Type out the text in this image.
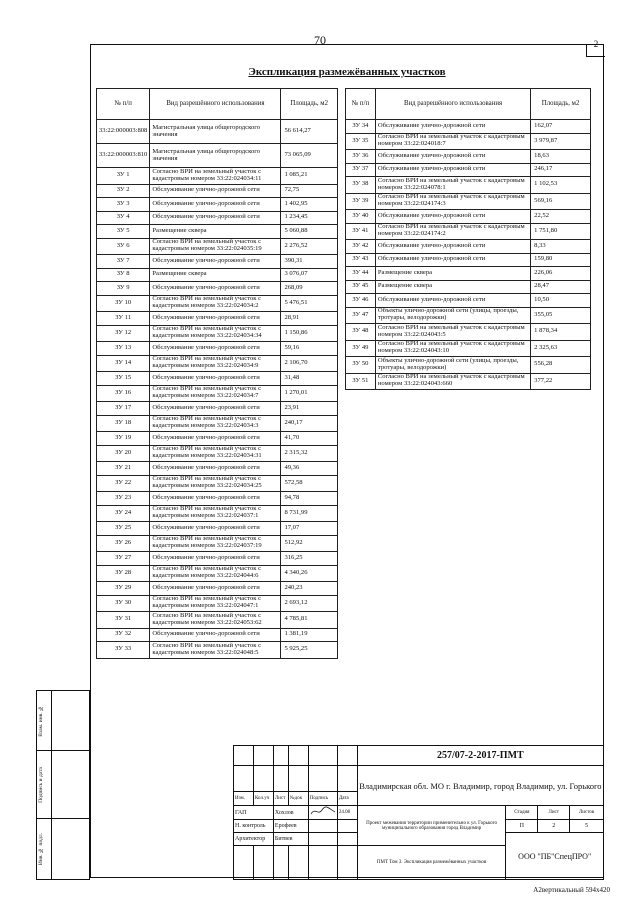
70	2
Экспликация размежёванных участков
№ п/п	Вид разрешённого использования	Площадь, м2
33:22:000003:808	Магистральная улица общегородского значения	56 614,27
33:22:000003:810	Магистральная улица общегородского значения	73 065,09
ЗУ 1	Согласно ВРИ на земельный участок с кадастровым номером 33:22:024034:11	1 085,21
ЗУ 2	Обслуживание улично-дорожной сети	72,75
ЗУ 3	Обслуживание улично-дорожной сети	1 402,95
ЗУ 4	Обслуживание улично-дорожной сети	1 234,45
ЗУ 5	Размещение сквера	5 060,88
ЗУ 6	Согласно ВРИ на земельный участок с кадастровым номером 33:22:024035:19	2 276,52
ЗУ 7	Обслуживание улично-дорожной сети	390,31
ЗУ 8	Размещение сквера	3 076,07
ЗУ 9	Обслуживание улично-дорожной сети	268,09
ЗУ 10	Согласно ВРИ на земельный участок с кадастровым номером 33:22:024034:2	5 476,51
ЗУ 11	Обслуживание улично-дорожной сети	28,91
ЗУ 12	Согласно ВРИ на земельный участок с кадастровым номером 33:22:024034:34	1 150,86
ЗУ 13	Обслуживание улично-дорожной сети	59,16
ЗУ 14	Согласно ВРИ на земельный участок с кадастровым номером 33:22:024034:9	2 106,70
ЗУ 15	Обслуживание улично-дорожной сети	31,48
ЗУ 16	Согласно ВРИ на земельный участок с кадастровым номером 33:22:024034:7	1 270,01
ЗУ 17	Обслуживание улично-дорожной сети	23,91
ЗУ 18	Согласно ВРИ на земельный участок с кадастровым номером 33:22:024034:3	240,17
ЗУ 19	Обслуживание улично-дорожной сети	41,70
ЗУ 20	Согласно ВРИ на земельный участок с кадастровым номером 33:22:024034:31	2 315,32
ЗУ 21	Обслуживание улично-дорожной сети	49,36
ЗУ 22	Согласно ВРИ на земельный участок с кадастровым номером 33:22:024034:25	572,58
ЗУ 23	Обслуживание улично-дорожной сети	94,78
ЗУ 24	Согласно ВРИ на земельный участок с кадастровым номером 33:22:024037:1	8 731,99
ЗУ 25	Обслуживание улично-дорожной сети	17,07
ЗУ 26	Согласно ВРИ на земельный участок с кадастровым номером 33:22:024037:19	512,92
ЗУ 27	Обслуживание улично-дорожной сети	316,25
ЗУ 28	Согласно ВРИ на земельный участок с кадастровым номером 33:22:024044:6	4 340,26
ЗУ 29	Обслуживание улично-дорожной сети	240,23
ЗУ 30	Согласно ВРИ на земельный участок с кадастровым номером 33:22:024047:1	2 693,12
ЗУ 31	Согласно ВРИ на земельный участок с кадастровым номером 33:22:024053:62	4 785,81
ЗУ 32	Обслуживание улично-дорожной сети	1 381,19
ЗУ 33	Согласно ВРИ на земельный участок с кадастровым номером 33:22:024048:5	5 925,25
№ п/п	Вид разрешённого использования	Площадь, м2
ЗУ 34	Обслуживание улично-дорожной сети	162,07
ЗУ 35	Согласно ВРИ на земельный участок с кадастровым номером 33:22:024018:7	3 979,87
ЗУ 36	Обслуживание улично-дорожной сети	18,63
ЗУ 37	Обслуживание улично-дорожной сети	246,17
ЗУ 38	Согласно ВРИ на земельный участок с кадастровым номером 33:22:024078:1	1 102,53
ЗУ 39	Согласно ВРИ на земельный участок с кадастровым номером 33:22:024174:3	569,16
ЗУ 40	Обслуживание улично-дорожной сети	22,52
ЗУ 41	Согласно ВРИ на земельный участок с кадастровым номером 33:22:024174:2	1 751,80
ЗУ 42	Обслуживание улично-дорожной сети	8,33
ЗУ 43	Обслуживание улично-дорожной сети	159,80
ЗУ 44	Размещение сквера	226,06
ЗУ 45	Размещение сквера	28,47
ЗУ 46	Обслуживание улично-дорожной сети	10,50
ЗУ 47	Объекты улично-дорожной сети (улицы, проезды, тротуары, велодорожки)	355,05
ЗУ 48	Согласно ВРИ на земельный участок с кадастровым номером 33:22:024043:5	1 878,34
ЗУ 49	Согласно ВРИ на земельный участок с кадастровым номером 33:22:024043:10	2 325,63
ЗУ 50	Объекты улично-дорожной сети (улицы, проезды, тротуары, велодорожки)	556,28
ЗУ 51	Согласно ВРИ на земельный участок с кадастровым номером 33:22:024043:660	377,22
Взам. инв. №	

Подпись и дата	

Инв. № подл.	

						257/07-2-2017-ПМТ			
						Владимирская обл. МО г. Владимир, город Владимир, ул. Горького			
Изм.	Кол.уч	Лист	№док	Подпись	Дата				
ГАП		Хохлов			24.08	Проект межевания территории применительно к ул. Горького муниципального образования город Владимир	Стадия	Лист	Листов
Н. контроль		Ерофеев					П	2	5
Архитектор		Битвев					ООО "ПБ"СпецПРО"		
						ПМТ Том 3. Экспликация размежёванных участков			
А2вертикальный 594х420
